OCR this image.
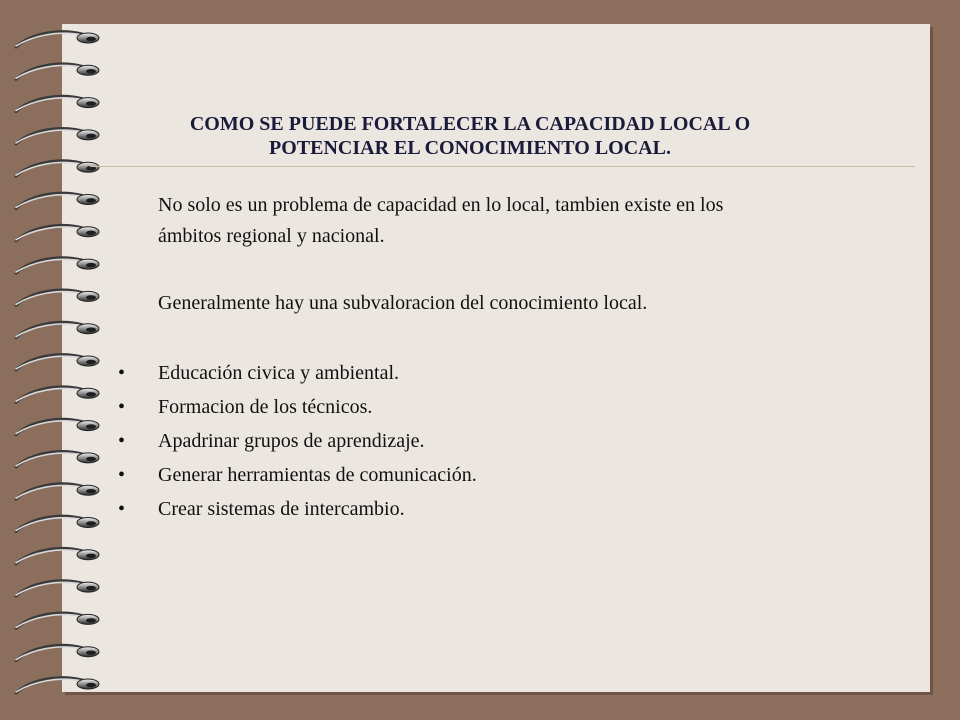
COMO SE PUEDE FORTALECER LA CAPACIDAD LOCAL O
POTENCIAR EL CONOCIMIENTO LOCAL.

No solo es un problema de capacidad en lo local, tambien existe en los
ámbitos regional y nacional.

Generalmente hay una subvaloracion del conocimiento local.

•	Educación civica y ambiental.
•	Formacion de los técnicos.
•	Apadrinar grupos de aprendizaje.
•	Generar herramientas de comunicación.
•	Crear sistemas de intercambio.
